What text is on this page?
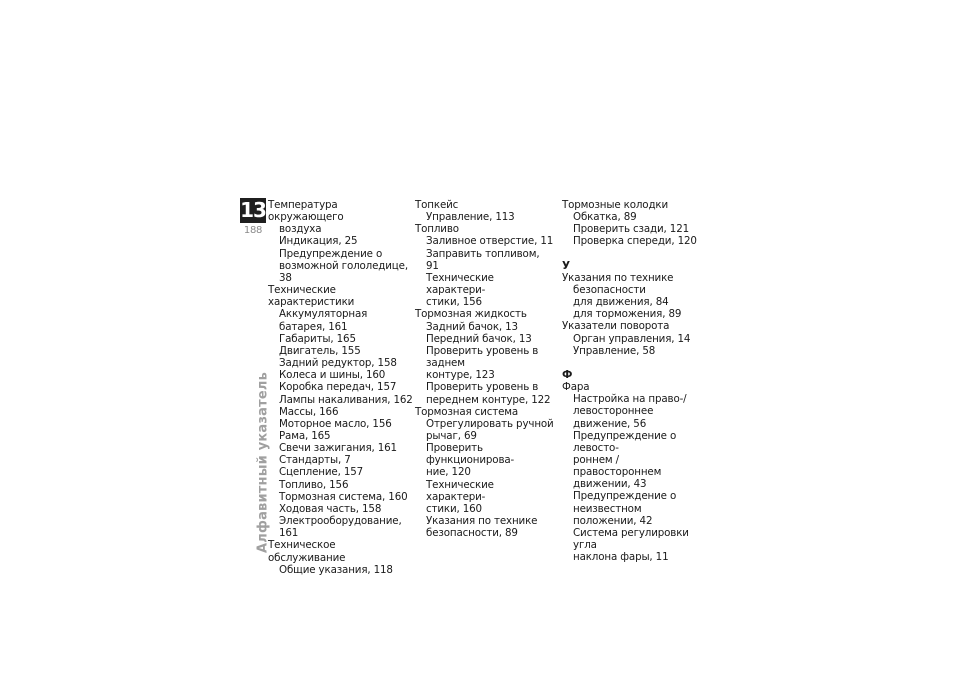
13
188
Алфавитный указатель
Температура окружающего
воздуха
Индикация, 25
Предупреждение о
возможной гололедице, 38
Технические характеристики
Аккумуляторная батарея, 161
Габариты, 165
Двигатель, 155
Задний редуктор, 158
Колеса и шины, 160
Коробка передач, 157
Лампы накаливания, 162
Массы, 166
Моторное масло, 156
Рама, 165
Свечи зажигания, 161
Стандарты, 7
Сцепление, 157
Топливо, 156
Тормозная система, 160
Ходовая часть, 158
Электрооборудование, 161
Техническое обслуживание
Общие указания, 118
Топкейс
Управление, 113
Топливо
Заливное отверстие, 11
Заправить топливом, 91
Технические характери-
стики, 156
Тормозная жидкость
Задний бачок, 13
Передний бачок, 13
Проверить уровень в заднем
контуре, 123
Проверить уровень в
переднем контуре, 122
Тормозная система
Отрегулировать ручной
рычаг, 69
Проверить функционирова-
ние, 120
Технические характери-
стики, 160
Указания по технике
безопасности, 89
Тормозные колодки
Обкатка, 89
Проверить сзади, 121
Проверка спереди, 120
У
Указания по технике
безопасности
для движения, 84
для торможения, 89
Указатели поворота
Орган управления, 14
Управление, 58
Ф
Фара
Настройка на право-/
левостороннее движение, 56
Предупреждение о левосто-
роннем / правостороннем
движении, 43
Предупреждение о
неизвестном положении, 42
Система регулировки угла
наклона фары, 11
